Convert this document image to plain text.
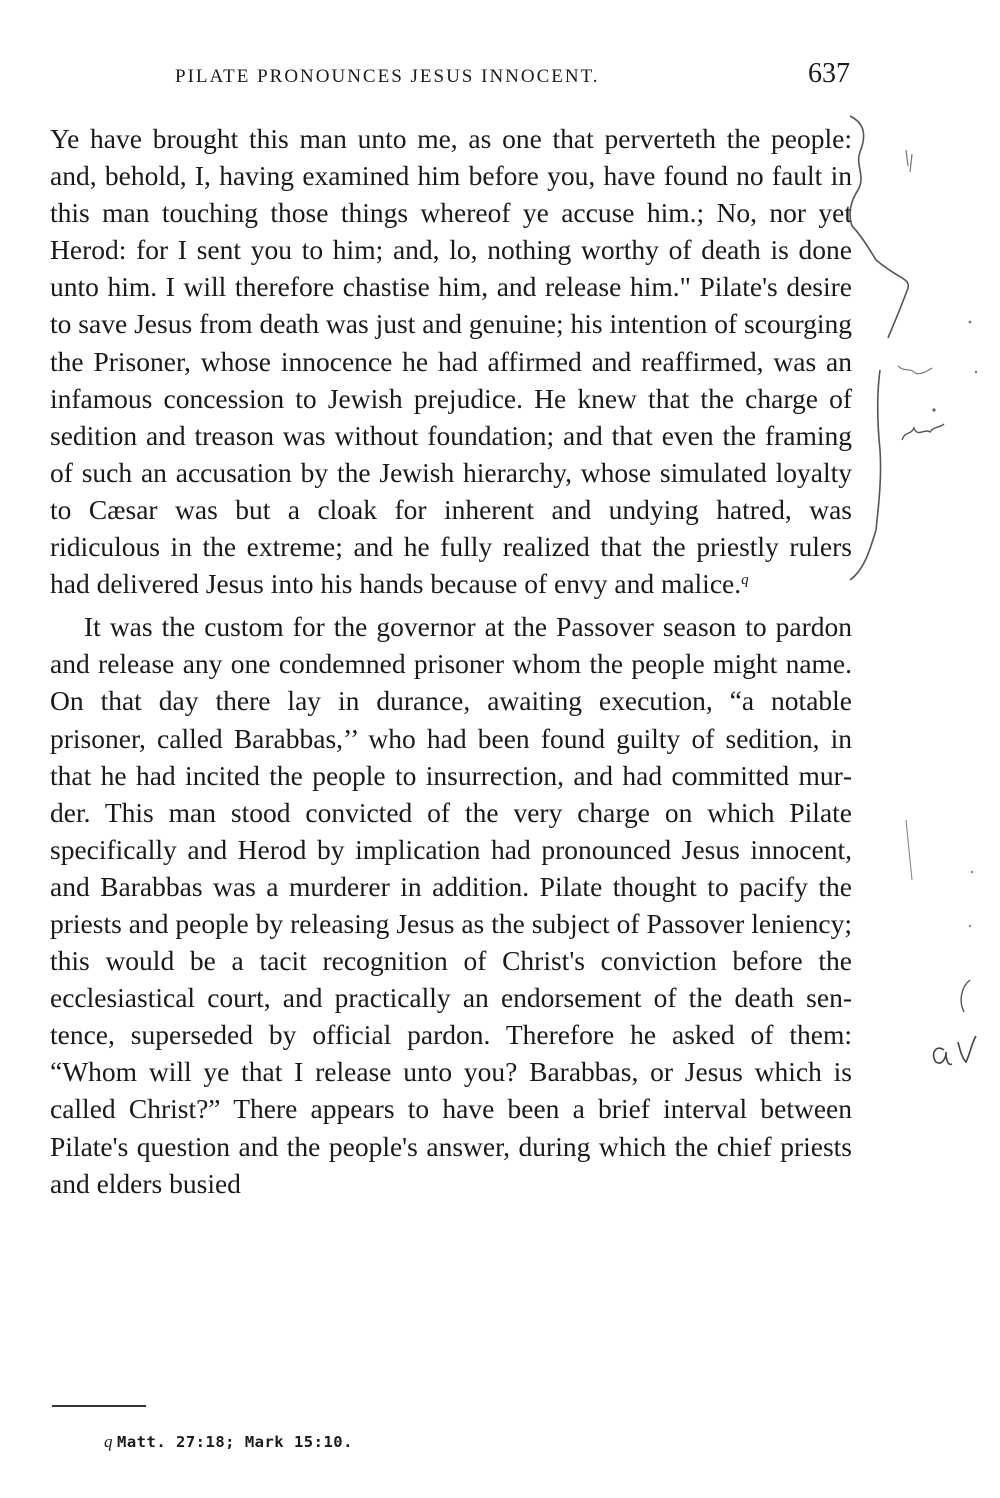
PILATE PRONOUNCES JESUS INNOCENT.	637

Ye have brought this man unto me, as one that perverteth the people: and, behold, I, having examined him before you, have found no fault in this man touching those things whereof ye accuse him.; No, nor yet Herod: for I sent you to him; and, lo, nothing worthy of death is done unto him. I will therefore chastise him, and release him." Pilate's desire to save Jesus from death was just and genuine; his intention of scourging the Prisoner, whose innocence he had affirmed and reaffirmed, was an infamous concession to Jewish prejudice. He knew that the charge of sedition and treason was without foundation; and that even the framing of such an accusation by the Jewish hierarchy, whose simulated loyalty to Cæsar was but a cloak for inherent and undying hatred, was ridiculous in the extreme; and he fully realized that the priestly rulers had delivered Jesus into his hands because of envy and malice.$^q$

It was the custom for the governor at the Passover season to pardon and release any one condemned prisoner whom the people might name. On that day there lay in durance, awaiting execution, “a notable prisoner, called Barabbas,’’ who had been found guilty of sedition, in that he had incited the people to insurrection, and had committed murder. This man stood convicted of the very charge on which Pilate specifically and Herod by implication had pronounced Jesus innocent, and Barabbas was a murderer in addition. Pilate thought to pacify the priests and people by releasing Jesus as the subject of Passover leniency; this would be a tacit recognition of Christ's conviction before the ecclesiastical court, and practically an endorsement of the death sentence, superseded by official pardon. Therefore he asked of them: “Whom will ye that I release unto you? Barabbas, or Jesus which is called Christ?” There appears to have been a brief interval between Pilate's question and the people's answer, during which the chief priests and elders busied

q Matt. 27:18; Mark 15:10.
